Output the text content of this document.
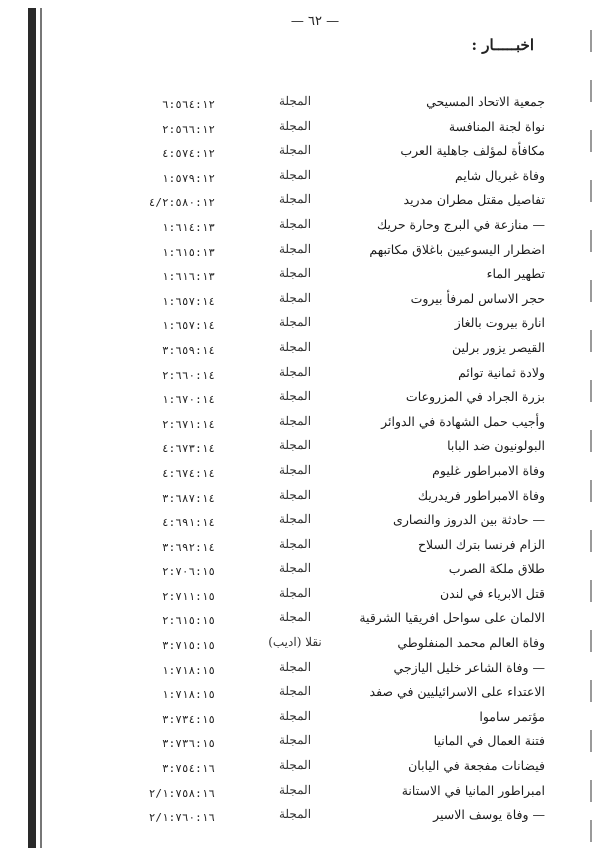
— ٦٢ —
اخبـــــار :
جمعية الاتحاد المسيحي
المجلة
٦:٥٦٤:١٢
نواة لجنة المنافسة
المجلة
٢:٥٦٦:١٢
مكافأة لمؤلف جاهلية العرب
المجلة
٤:٥٧٤:١٢
وفاة غبريال شايم
المجلة
١:٥٧٩:١٢
تفاصيل مقتل مطران مدريد
المجلة
٤/٢:٥٨٠:١٢
— منازعة في البرج وحارة حريك
المجلة
١:٦١٤:١٣
اضطرار اليسوعيين باغلاق مكاتبهم
المجلة
١:٦١٥:١٣
تطهير الماء
المجلة
١:٦١٦:١٣
حجر الاساس لمرفأ بيروت
المجلة
١:٦٥٧:١٤
انارة بيروت بالغاز
المجلة
١:٦٥٧:١٤
القيصر يزور برلين
المجلة
٣:٦٥٩:١٤
ولادة ثمانية توائم
المجلة
٢:٦٦٠:١٤
بزرة الجراد في المزروعات
المجلة
١:٦٧٠:١٤
وأجيب حمل الشهادة في الدوائر
المجلة
٢:٦٧١:١٤
البولونيون ضد البابا
المجلة
٤:٦٧٣:١٤
وفاة الامبراطور غليوم
المجلة
٤:٦٧٤:١٤
وفاة الامبراطور فريدريك
المجلة
٣:٦٨٧:١٤
— حادثة بين الدروز والنصارى
المجلة
٤:٦٩١:١٤
الزام فرنسا بترك السلاح
المجلة
٣:٦٩٢:١٤
طلاق ملكة الصرب
المجلة
٢:٧٠٦:١٥
قتل الابرياء في لندن
المجلة
٢:٧١١:١٥
الالمان على سواحل افريقيا الشرقية
المجلة
٢:٦١٥:١٥
وفاة العالم محمد المنفلوطي
نقلا (اديب)
٣:٧١٥:١٥
— وفاة الشاعر خليل اليازجي
المجلة
١:٧١٨:١٥
الاعتداء على الاسرائيليين في صفد
المجلة
١:٧١٨:١٥
مؤتمر ساموا
المجلة
٣:٧٣٤:١٥
فتنة العمال في المانيا
المجلة
٣:٧٣٦:١٥
فيضانات مفجعة في اليابان
المجلة
٣:٧٥٤:١٦
امبراطور المانيا في الاستانة
المجلة
٢/١:٧٥٨:١٦
— وفاة يوسف الاسير
المجلة
٢/١:٧٦٠:١٦
